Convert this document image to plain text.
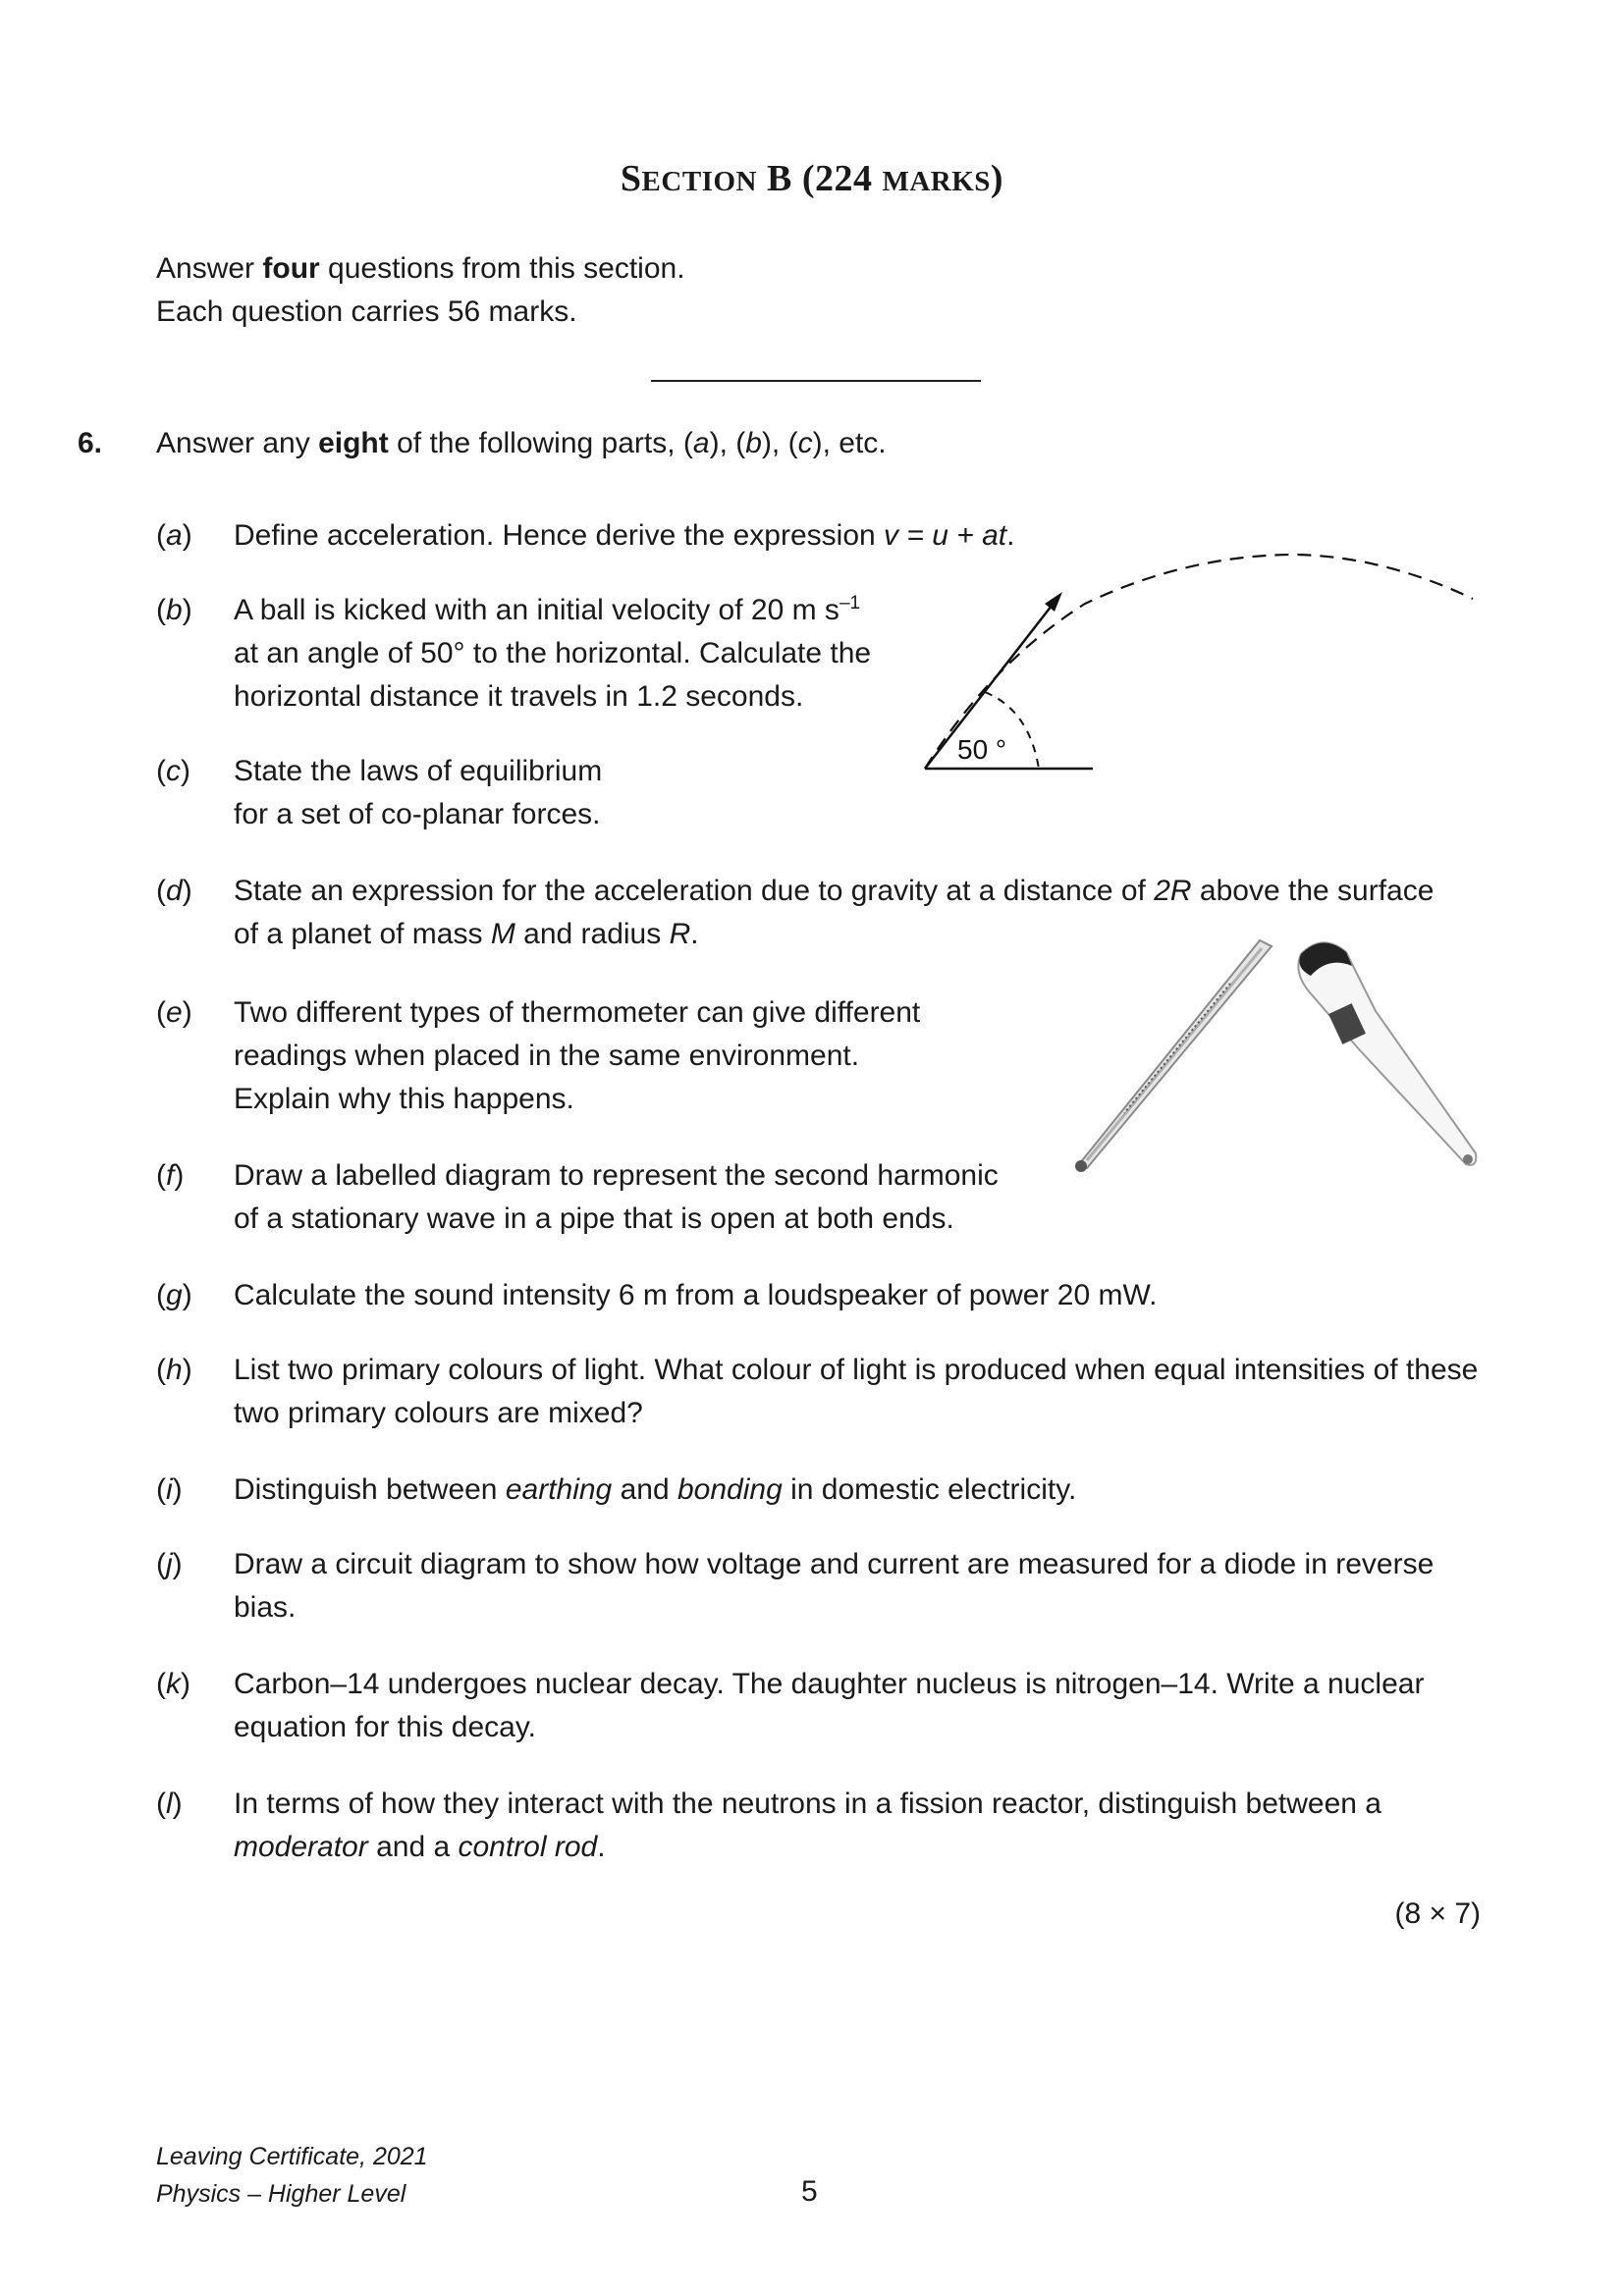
SECTION B (224 MARKS)
Answer four questions from this section.
Each question carries 56 marks.
6. Answer any eight of the following parts, (a), (b), (c), etc.
(a) Define acceleration. Hence derive the expression v = u + at.
(b) A ball is kicked with an initial velocity of 20 m $s^{-1}$
at an angle of 50° to the horizontal. Calculate the
horizontal distance it travels in 1.2 seconds.
50 °
(c) State the laws of equilibrium
for a set of co-planar forces.
(d) State an expression for the acceleration due to gravity at a distance of 2R above the surface
of a planet of mass M and radius R.
(e) Two different types of thermometer can give different
readings when placed in the same environment.
Explain why this happens.
(f) Draw a labelled diagram to represent the second harmonic
of a stationary wave in a pipe that is open at both ends.
(g) Calculate the sound intensity 6 m from a loudspeaker of power 20 mW.
(h) List two primary colours of light. What colour of light is produced when equal intensities of these two primary colours are mixed?
(i) Distinguish between earthing and bonding in domestic electricity.
(j) Draw a circuit diagram to show how voltage and current are measured for a diode in reverse bias.
(k) Carbon–14 undergoes nuclear decay. The daughter nucleus is nitrogen–14. Write a nuclear equation for this decay.
(l) In terms of how they interact with the neutrons in a fission reactor, distinguish between a moderator and a control rod.
(8 × 7)
Leaving Certificate, 2021
Physics – Higher Level	5
